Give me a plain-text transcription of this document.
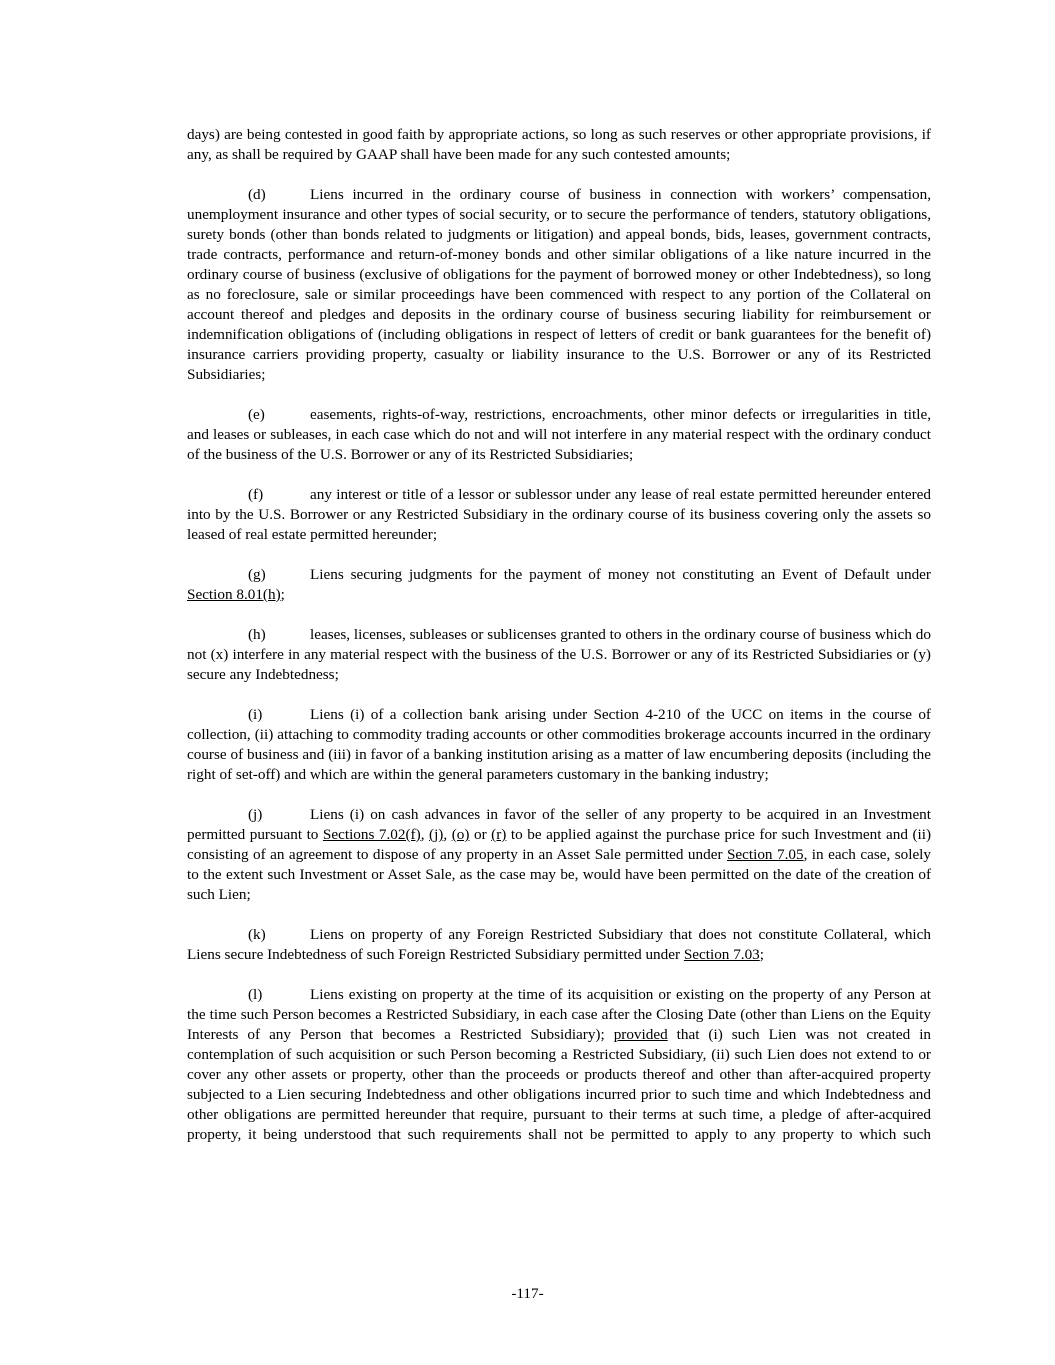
days) are being contested in good faith by appropriate actions, so long as such reserves or other appropriate provisions, if any, as shall be required by GAAP shall have been made for any such contested amounts;

(d)	Liens incurred in the ordinary course of business in connection with workers’ compensation, unemployment insurance and other types of social security, or to secure the performance of tenders, statutory obligations, surety bonds (other than bonds related to judgments or litigation) and appeal bonds, bids, leases, government contracts, trade contracts, performance and return-of-money bonds and other similar obligations of a like nature incurred in the ordinary course of business (exclusive of obligations for the payment of borrowed money or other Indebtedness), so long as no foreclosure, sale or similar proceedings have been commenced with respect to any portion of the Collateral on account thereof and pledges and deposits in the ordinary course of business securing liability for reimbursement or indemnification obligations of (including obligations in respect of letters of credit or bank guarantees for the benefit of) insurance carriers providing property, casualty or liability insurance to the U.S. Borrower or any of its Restricted Subsidiaries;

(e)	easements, rights-of-way, restrictions, encroachments, other minor defects or irregularities in title, and leases or subleases, in each case which do not and will not interfere in any material respect with the ordinary conduct of the business of the U.S. Borrower or any of its Restricted Subsidiaries;

(f)	any interest or title of a lessor or sublessor under any lease of real estate permitted hereunder entered into by the U.S. Borrower or any Restricted Subsidiary in the ordinary course of its business covering only the assets so leased of real estate permitted hereunder;

(g)	Liens securing judgments for the payment of money not constituting an Event of Default under Section 8.01(h);

(h)	leases, licenses, subleases or sublicenses granted to others in the ordinary course of business which do not (x) interfere in any material respect with the business of the U.S. Borrower or any of its Restricted Subsidiaries or (y) secure any Indebtedness;

(i)	Liens (i) of a collection bank arising under Section 4-210 of the UCC on items in the course of collection, (ii) attaching to commodity trading accounts or other commodities brokerage accounts incurred in the ordinary course of business and (iii) in favor of a banking institution arising as a matter of law encumbering deposits (including the right of set-off) and which are within the general parameters customary in the banking industry;

(j)	Liens (i) on cash advances in favor of the seller of any property to be acquired in an Investment permitted pursuant to Sections 7.02(f), (j), (o) or (r) to be applied against the purchase price for such Investment and (ii) consisting of an agreement to dispose of any property in an Asset Sale permitted under Section 7.05, in each case, solely to the extent such Investment or Asset Sale, as the case may be, would have been permitted on the date of the creation of such Lien;

(k)	Liens on property of any Foreign Restricted Subsidiary that does not constitute Collateral, which Liens secure Indebtedness of such Foreign Restricted Subsidiary permitted under Section 7.03;

(l)	Liens existing on property at the time of its acquisition or existing on the property of any Person at the time such Person becomes a Restricted Subsidiary, in each case after the Closing Date (other than Liens on the Equity Interests of any Person that becomes a Restricted Subsidiary); provided that (i) such Lien was not created in contemplation of such acquisition or such Person becoming a Restricted Subsidiary, (ii) such Lien does not extend to or cover any other assets or property, other than the proceeds or products thereof and other than after-acquired property subjected to a Lien securing Indebtedness and other obligations incurred prior to such time and which Indebtedness and other obligations are permitted hereunder that require, pursuant to their terms at such time, a pledge of after-acquired property, it being understood that such requirements shall not be permitted to apply to any property to which such

-117-
